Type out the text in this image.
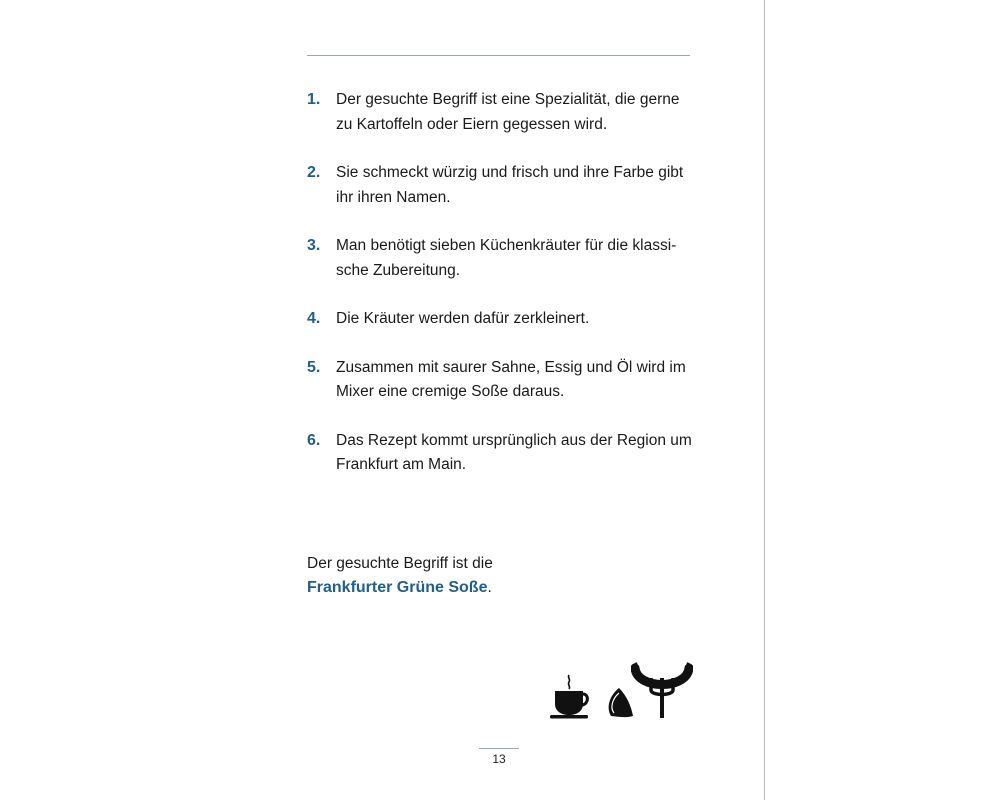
1. Der gesuchte Begriff ist eine Spezialität, die gerne zu Kartoffeln oder Eiern gegessen wird.
2. Sie schmeckt würzig und frisch und ihre Farbe gibt ihr ihren Namen.
3. Man benötigt sieben Küchenkräuter für die klassi-sche Zubereitung.
4. Die Kräuter werden dafür zerkleinert.
5. Zusammen mit saurer Sahne, Essig und Öl wird im Mixer eine cremige Soße daraus.
6. Das Rezept kommt ursprünglich aus der Region um Frankfurt am Main.
Der gesuchte Begriff ist die
Frankfurter Grüne Soße.
13
